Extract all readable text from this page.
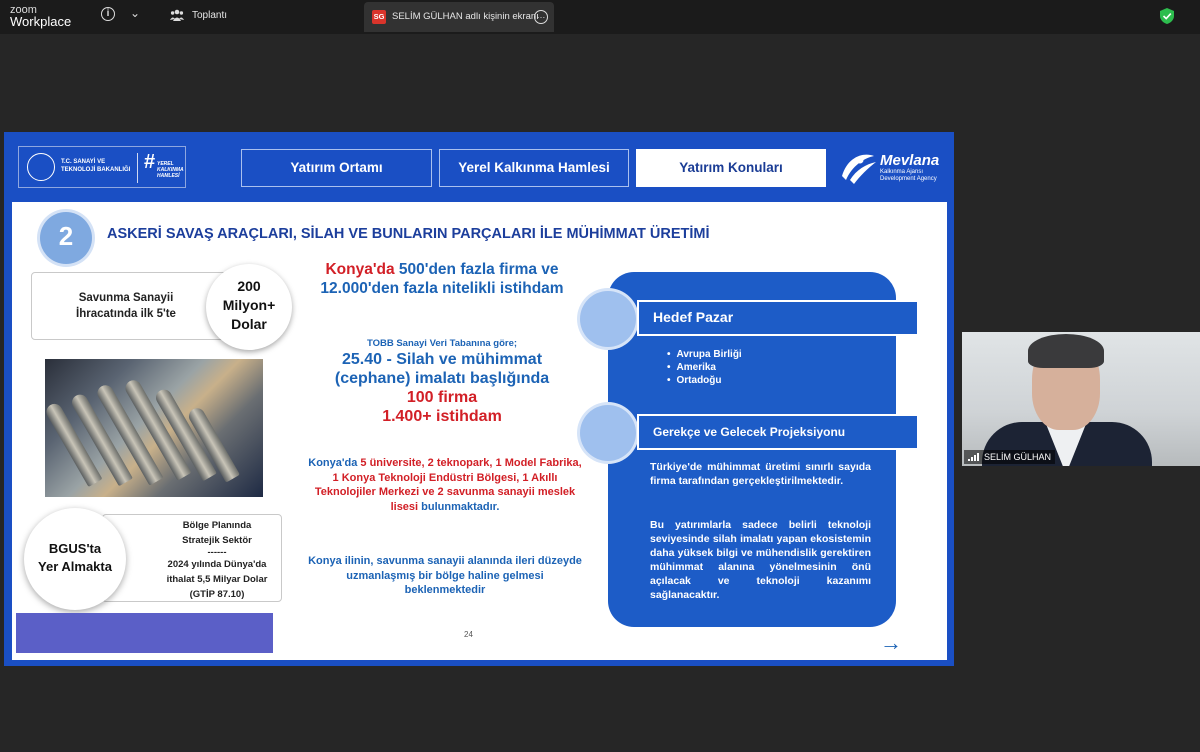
zoom
Workplace
i	⌄	Toplantı	SG SELİM GÜLHAN adlı kişinin ekranı
…
T.C. SANAYİ VE
TEKNOLOJİ BAKANLIĞI # YEREL KALKINMA HAMLESİ
Yatırım Ortamı	Yerel Kalkınma Hamlesi	Yatırım Konuları	Mevlana
Kalkınma Ajansı
Development Agency
2	ASKERİ SAVAŞ ARAÇLARI, SİLAH VE BUNLARIN PARÇALARI İLE MÜHİMMAT ÜRETİMİ
Savunma Sanayii
İhracatında ilk 5'te
200
Milyon+
Dolar
Bölge Planında
Stratejik Sektör
------
2024 yılında Dünya'da
ithalat 5,5 Milyar Dolar
(GTİP 87.10)
BGUS'ta
Yer Almakta
Konya'da 500'den fazla firma ve 12.000'den fazla nitelikli istihdam
TOBB Sanayi Veri Tabanına göre;
25.40 - Silah ve mühimmat
(cephane) imalatı başlığında
100 firma
1.400+ istihdam
Konya'da 5 üniversite, 2 teknopark, 1 Model Fabrika, 1 Konya Teknoloji Endüstri Bölgesi, 1 Akıllı Teknolojiler Merkezi ve 2 savunma sanayii meslek lisesi bulunmaktadır.
Konya ilinin, savunma sanayii alanında ileri düzeyde uzmanlaşmış bir bölge haline gelmesi beklenmektedir
24
Hedef Pazar
• Avrupa Birliği
• Amerika
• Ortadoğu
Gerekçe ve Gelecek Projeksiyonu
Türkiye'de mühimmat üretimi sınırlı sayıda firma tarafından gerçekleştirilmektedir.
Bu yatırımlarla sadece belirli teknoloji seviyesinde silah imalatı yapan ekosistemin daha yüksek bilgi ve mühendislik gerektiren mühimmat alanına yönelmesinin önü açılacak ve teknoloji kazanımı sağlanacaktır.
→
SELİM GÜLHAN
